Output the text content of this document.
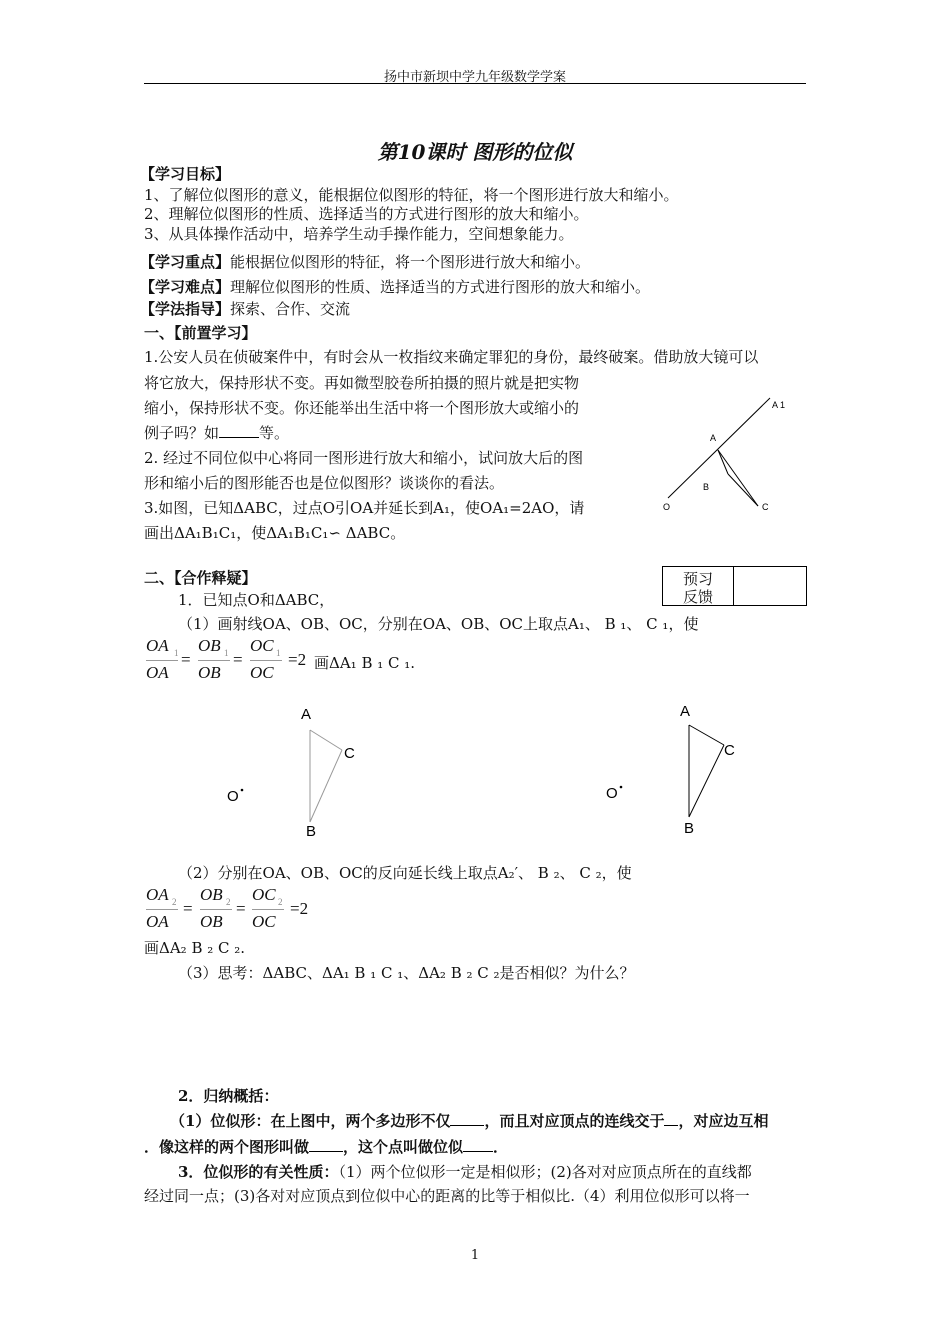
扬中市新坝中学九年级数学学案
第10课时 图形的位似
【学习目标】
1、了解位似图形的意义，能根据位似图形的特征，将一个图形进行放大和缩小。
2、理解位似图形的性质、选择适当的方式进行图形的放大和缩小。
3、从具体操作活动中，培养学生动手操作能力，空间想象能力。
【学习重点】能根据位似图形的特征，将一个图形进行放大和缩小。
【学习难点】理解位似图形的性质、选择适当的方式进行图形的放大和缩小。
【学法指导】探索、合作、交流
一、【前置学习】
1.公安人员在侦破案件中，有时会从一枚指纹来确定罪犯的身份，最终破案。借助放大镜可以
将它放大，保持形状不变。再如微型胶卷所拍摄的照片就是把实物
缩小，保持形状不变。你还能举出生活中将一个图形放大或缩小的
例子吗？如	等。
2. 经过不同位似中心将同一图形进行放大和缩小，试问放大后的图
形和缩小后的图形能否也是位似图形？谈谈你的看法。
3.如图，已知ΔABC，过点O引OA并延长到A₁，使OA₁=2AO，请
画出ΔA₁B₁C₁，使ΔA₁B₁C₁∽ ΔABC。
A 1
A
B
C
O
二、【合作释疑】	预习
反馈
1．已知点O和ΔABC，
（1）画射线OA、OB、OC，分别在OA、OB、OC上取点A₁、 B ₁、 C ₁，使
OA 1
OA
=
OB 1
OB
=
OC 1
OC
=2 画ΔA₁ B ₁ C ₁.
A
C
B
O
A
C
B
O
（2）分别在OA、OB、OC的反向延长线上取点A₂′、 B ₂、 C ₂，使
OA 2
OA
=
OB 2
OB
=
OC 2
OC
=2
画ΔA₂ B ₂ C ₂.
（3）思考：ΔABC、ΔA₁ B ₁ C ₁、ΔA₂ B ₂ C ₂是否相似？为什么？
2．归纳概括：
（1）位似形：在上图中，两个多边形不仅 ，而且对应顶点的连线交于 ，对应边互相
．像这样的两个图形叫做 ，这个点叫做位似 ．
3．位似形的有关性质：（1）两个位似形一定是相似形；(2)各对对应顶点所在的直线都
经过同一点；(3)各对对应顶点到位似中心的距离的比等于相似比.（4）利用位似形可以将一
1
